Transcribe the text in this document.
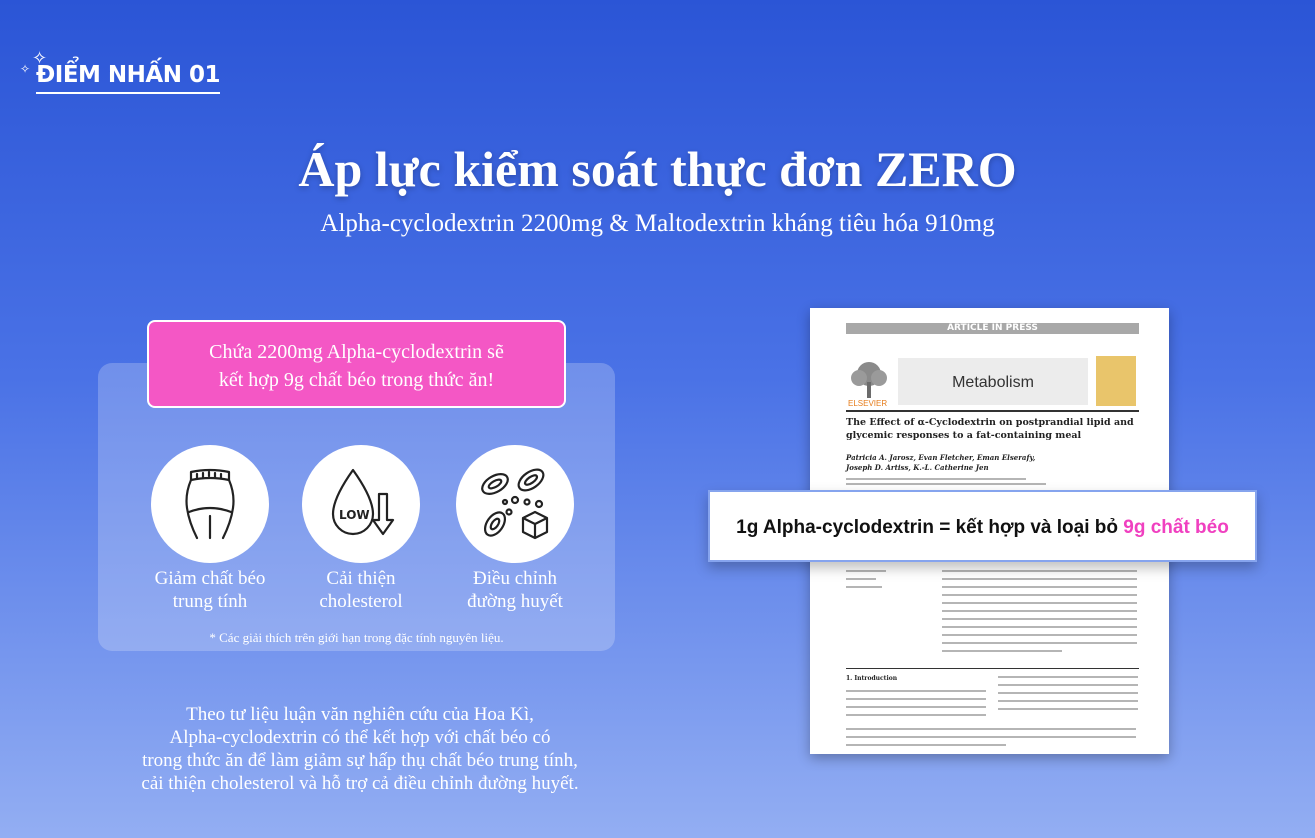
✧
✧ ĐIỂM NHẤN 01
Áp lực kiểm soát thực đơn ZERO
Alpha-cyclodextrin 2200mg & Maltodextrin kháng tiêu hóa 910mg
Chứa 2200mg Alpha-cyclodextrin sẽ
kết hợp 9g chất béo trong thức ăn!
Giảm chất béo
trung tính
LOW
Cải thiện
cholesterol
Điều chỉnh
đường huyết
* Các giải thích trên giới hạn trong đặc tính nguyên liệu.
Theo tư liệu luận văn nghiên cứu của Hoa Kì,
Alpha-cyclodextrin có thể kết hợp với chất béo có
trong thức ăn để làm giảm sự hấp thụ chất béo trung tính,
cải thiện cholesterol và hỗ trợ cả điều chỉnh đường huyết.
ARTICLE IN PRESS
ELSEVIER
Metabolism
The Effect of α-Cyclodextrin on postprandial lipid and
glycemic responses to a fat-containing meal
Patricia A. Jarosz, Evan Fletcher, Eman Elserafy,
Joseph D. Artiss, K.-L. Catherine Jen
1. Introduction
1g Alpha-cyclodextrin = kết hợp và loại bỏ 9g chất béo
